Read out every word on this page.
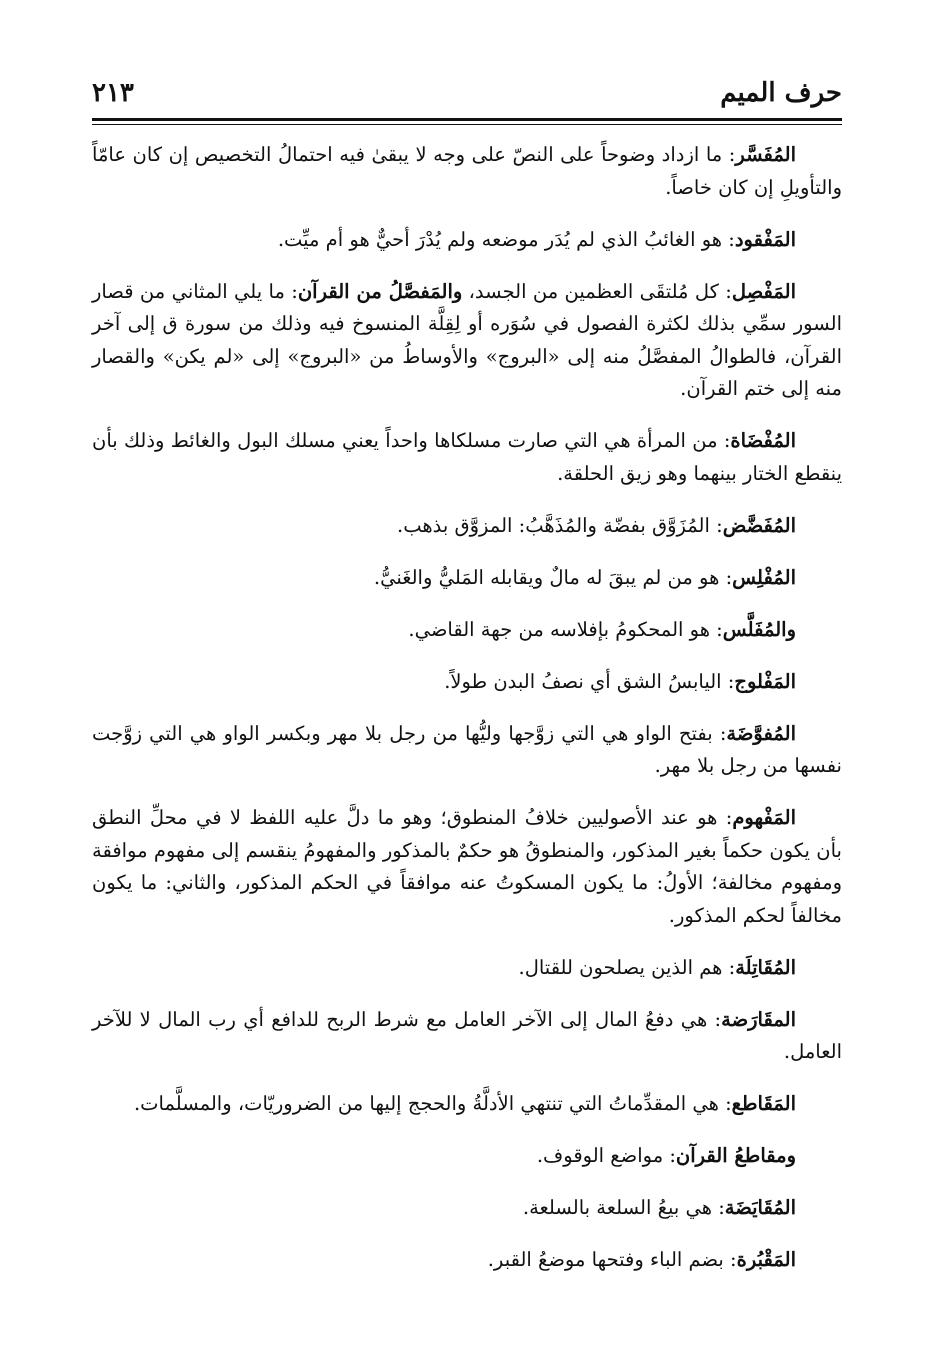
حرف الميم
٢١٣

المُفَسَّر: ما ازداد وضوحاً على النصّ على وجه لا يبقىٰ فيه احتمالُ التخصيص إن كان عامّاً والتأويلِ إن كان خاصاً.

المَفْقود: هو الغائبُ الذي لم يُدَر موضعه ولم يُدْرَ أحيٌّ هو أم ميِّت.

المَفْصِل: كل مُلتقَى العظمين من الجسد، والمَفصَّلُ من القرآن: ما يلي المثاني من قصار السور سمِّي بذلك لكثرة الفصول في سُوَره أو لِقِلَّة المنسوخ فيه وذلك من سورة ق إلى آخر القرآن، فالطوالُ المفصَّلُ منه إلى «البروج» والأوساطُ من «البروج» إلى «لم يكن» والقصار منه إلى ختم القرآن.

المُفْضَاة: من المرأة هي التي صارت مسلكاها واحداً يعني مسلك البول والغائط وذلك بأن ينقطع الختار بينهما وهو زيق الحلقة.

المُفَضَّض: المُزَوَّق بفضّة والمُذَهَّبُ: المزوَّق بذهب.

المُفْلِس: هو من لم يبقَ له مالٌ ويقابله المَليُّ والغَنيُّ.

والمُفَلَّس: هو المحكومُ بإفلاسه من جهة القاضي.

المَفْلوج: اليابسُ الشق أي نصفُ البدن طولاً.

المُفوَّضَة: بفتح الواو هي التي زوَّجها وليُّها من رجل بلا مهر وبكسر الواو هي التي زوَّجت نفسها من رجل بلا مهر.

المَفْهوم: هو عند الأصوليين خلافُ المنطوق؛ وهو ما دلَّ عليه اللفظ لا في محلِّ النطق بأن يكون حكماً بغير المذكور، والمنطوقُ هو حكمٌ بالمذكور والمفهومُ ينقسم إلى مفهوم موافقة ومفهوم مخالفة؛ الأولُ: ما يكون المسكوتُ عنه موافقاً في الحكم المذكور، والثاني: ما يكون مخالفاً لحكم المذكور.

المُقَاتِلَة: هم الذين يصلحون للقتال.

المقَارَضة: هي دفعُ المال إلى الآخر العامل مع شرط الربح للدافع أي رب المال لا للآخر العامل.

المَقَاطع: هي المقدِّماتُ التي تنتهي الأدلَّةُ والحجج إليها من الضروريّات، والمسلَّمات.

ومقاطعُ القرآن: مواضع الوقوف.

المُقَايَضَة: هي بيعُ السلعة بالسلعة.

المَقْبُرة: بضم الباء وفتحها موضعُ القبر.
